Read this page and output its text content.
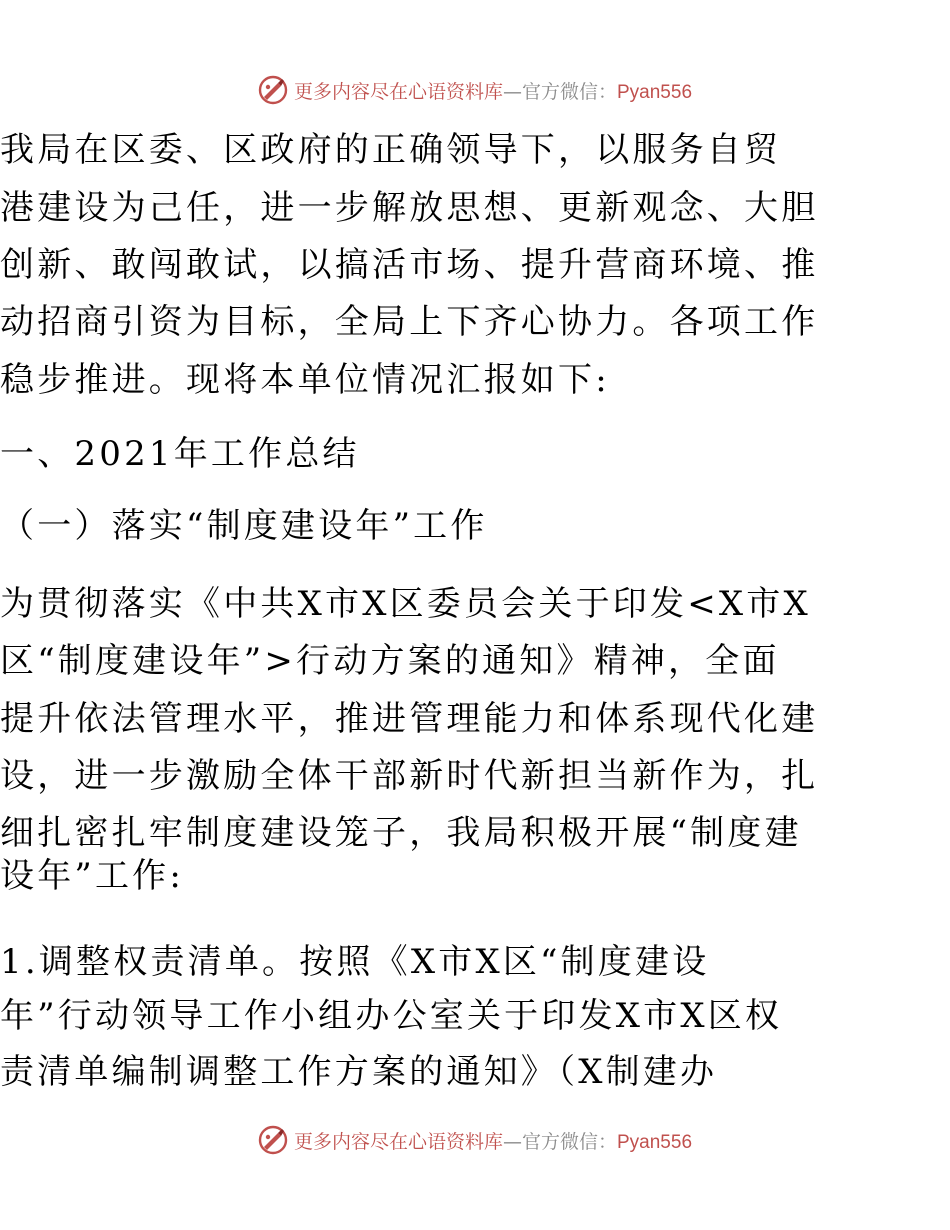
更多内容尽在心语资料库—官方微信：Pyan556
我局在区委、区政府的正确领导下，以服务自贸
港建设为己任，进一步解放思想、更新观念、大胆
创新、敢闯敢试，以搞活市场、提升营商环境、推
动招商引资为目标，全局上下齐心协力。各项工作
稳步推进。现将本单位情况汇报如下:
一、2021年工作总结
（一）落实“制度建设年”工作
为贯彻落实《中共X市X区委员会关于印发<X市X
区“制度建设年”>行动方案的通知》精神，全面
提升依法管理水平，推进管理能力和体系现代化建
设，进一步激励全体干部新时代新担当新作为，扎
细扎密扎牢制度建设笼子，我局积极开展“制度建
设年”工作:
1.调整权责清单。按照《X市X区“制度建设
年”行动领导工作小组办公室关于印发X市X区权
责清单编制调整工作方案的通知》（X制建办
更多内容尽在心语资料库—官方微信：Pyan556
